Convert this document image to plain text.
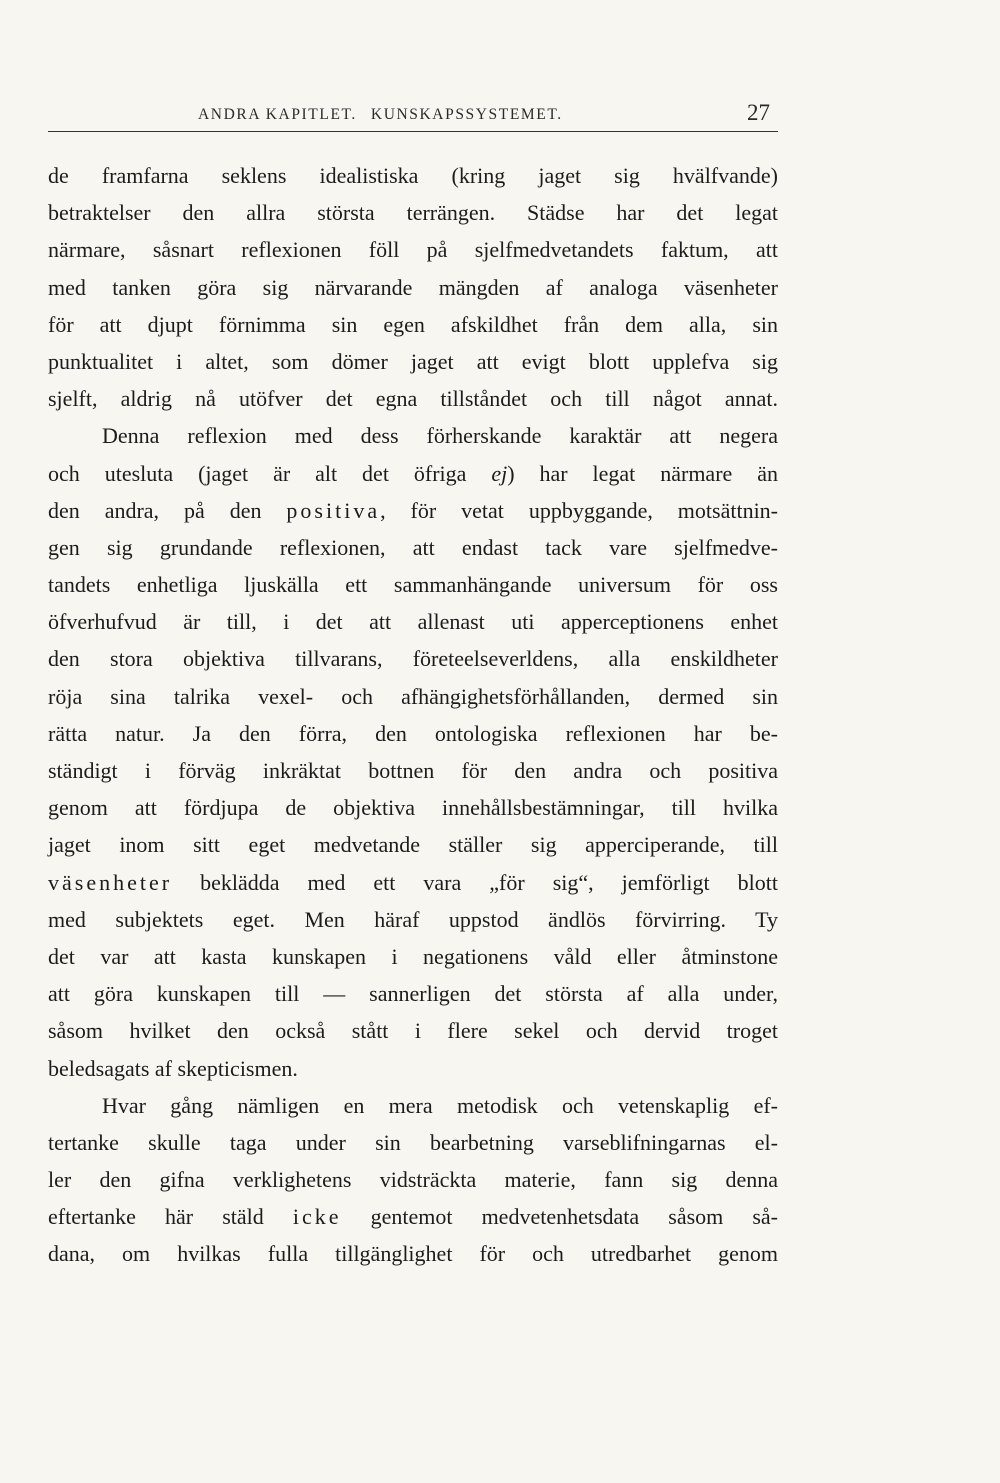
ANDRA KAPITLET. KUNSKAPSSYSTEMET.	27
de framfarna seklens idealistiska (kring jaget sig hvälfvande)
betraktelser den allra största terrängen. Städse har det legat
närmare, såsnart reflexionen föll på sjelfmedvetandets faktum, att
med tanken göra sig närvarande mängden af analoga väsenheter
för att djupt förnimma sin egen afskildhet från dem alla, sin
punktualitet i altet, som dömer jaget att evigt blott upplefva sig
sjelft, aldrig nå utöfver det egna tillståndet och till något annat.
Denna reflexion med dess förherskande karaktär att negera
och utesluta (jaget är alt det öfriga ej) har legat närmare än
den andra, på den positiva, för vetat uppbyggande, motsättnin-
gen sig grundande reflexionen, att endast tack vare sjelfmedve-
tandets enhetliga ljuskälla ett sammanhängande universum för oss
öfverhufvud är till, i det att allenast uti apperceptionens enhet
den stora objektiva tillvarans, företeelseverldens, alla enskildheter
röja sina talrika vexel- och afhängighetsförhållanden, dermed sin
rätta natur. Ja den förra, den ontologiska reflexionen har be-
ständigt i förväg inkräktat bottnen för den andra och positiva
genom att fördjupa de objektiva innehållsbestämningar, till hvilka
jaget inom sitt eget medvetande ställer sig apperciperande, till
väsenheter beklädda med ett vara „för sig“, jemförligt blott
med subjektets eget. Men häraf uppstod ändlös förvirring. Ty
det var att kasta kunskapen i negationens våld eller åtminstone
att göra kunskapen till — sannerligen det största af alla under,
såsom hvilket den också stått i flere sekel och dervid troget
beledsagats af skepticismen.
Hvar gång nämligen en mera metodisk och vetenskaplig ef-
tertanke skulle taga under sin bearbetning varseblifningarnas el-
ler den gifna verklighetens vidsträckta materie, fann sig denna
eftertanke här stäld icke gentemot medvetenhetsdata såsom så-
dana, om hvilkas fulla tillgänglighet för och utredbarhet genom
